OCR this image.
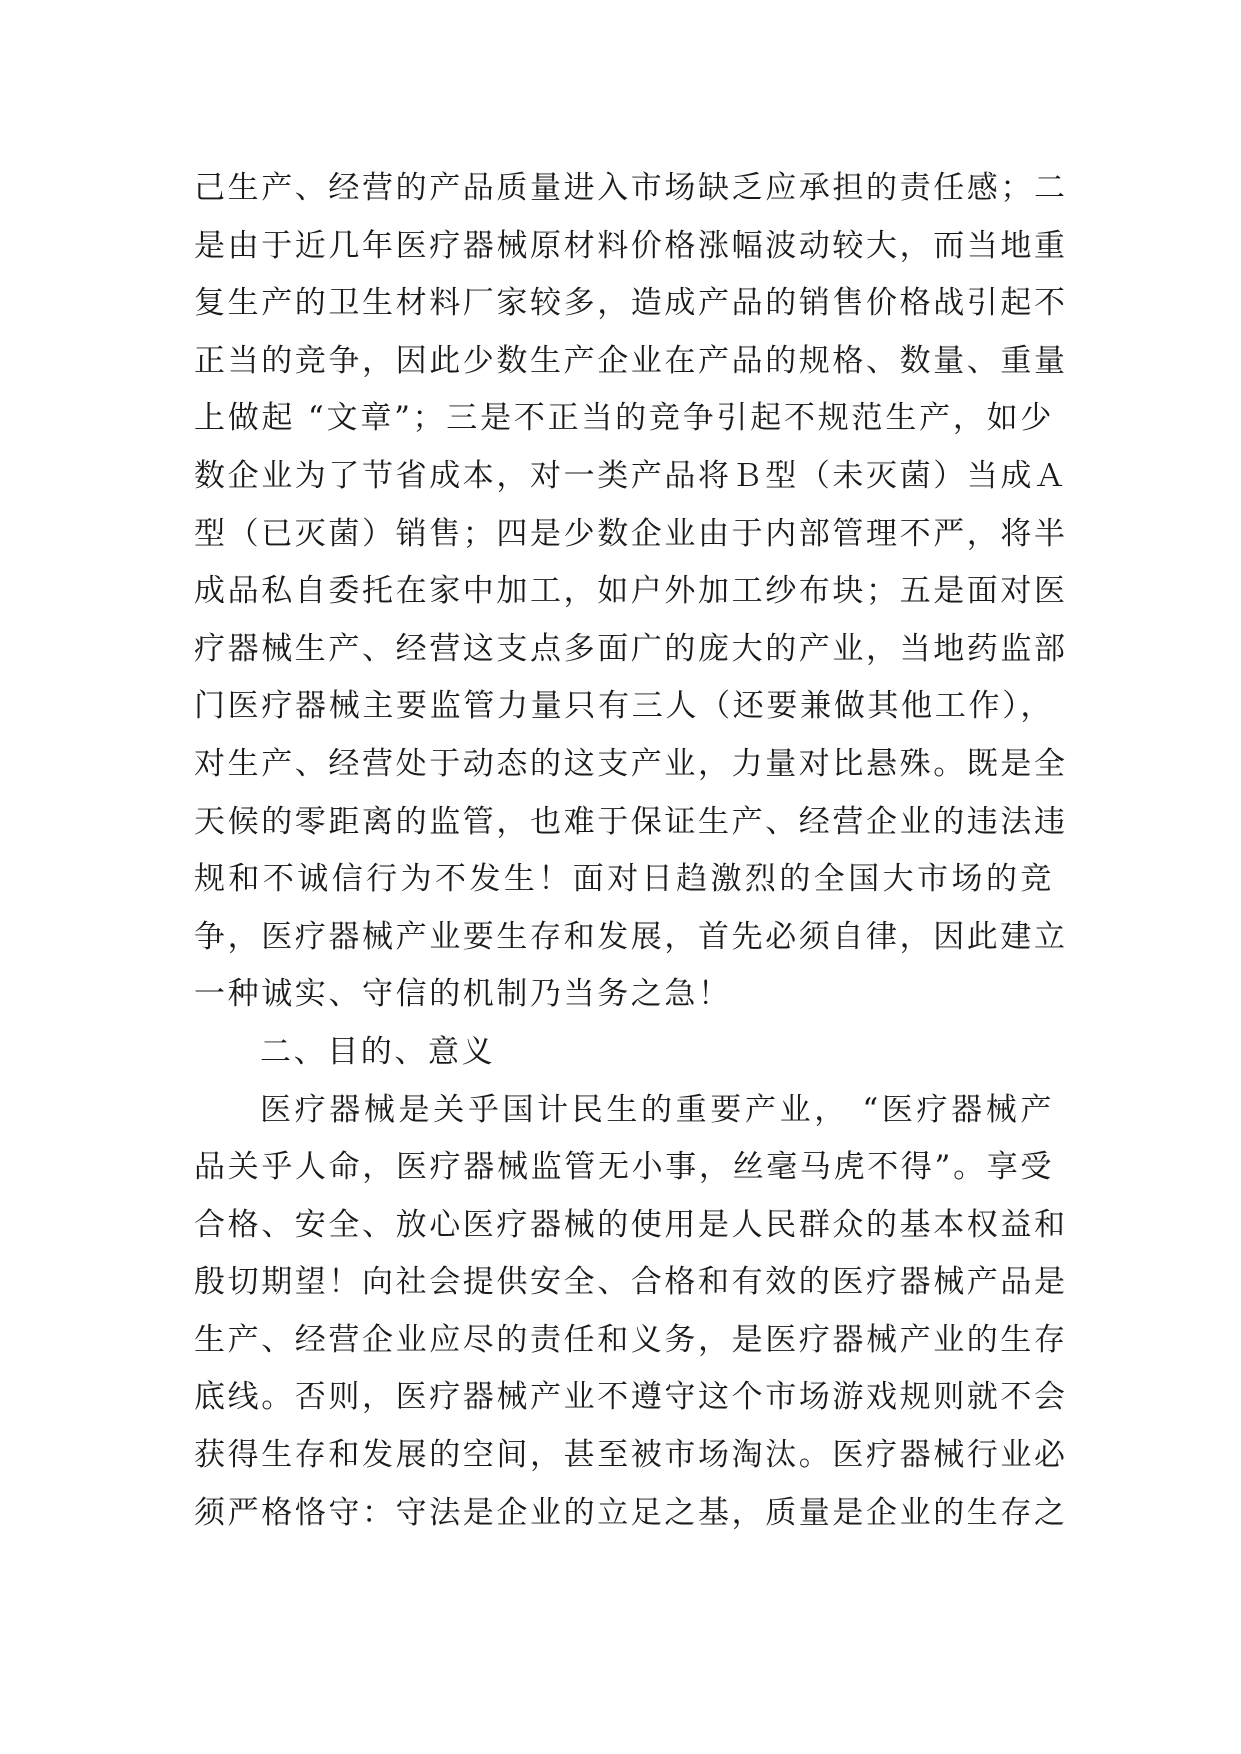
己生产、经营的产品质量进入市场缺乏应承担的责任感；二
是由于近几年医疗器械原材料价格涨幅波动较大，而当地重
复生产的卫生材料厂家较多，造成产品的销售价格战引起不
正当的竞争，因此少数生产企业在产品的规格、数量、重量
上做起 “文章”；三是不正当的竞争引起不规范生产，如少
数企业为了节省成本，对一类产品将Ｂ型（未灭菌）当成Ａ
型（已灭菌）销售；四是少数企业由于内部管理不严，将半
成品私自委托在家中加工，如户外加工纱布块；五是面对医
疗器械生产、经营这支点多面广的庞大的产业，当地药监部
门医疗器械主要监管力量只有三人（还要兼做其他工作），
对生产、经营处于动态的这支产业，力量对比悬殊。既是全
天候的零距离的监管，也难于保证生产、经营企业的违法违
规和不诚信行为不发生！面对日趋激烈的全国大市场的竞
争，医疗器械产业要生存和发展，首先必须自律，因此建立
一种诚实、守信的机制乃当务之急！
二、目的、意义
医疗器械是关乎国计民生的重要产业， “医疗器械产
品关乎人命，医疗器械监管无小事，丝毫马虎不得”。享受
合格、安全、放心医疗器械的使用是人民群众的基本权益和
殷切期望！向社会提供安全、合格和有效的医疗器械产品是
生产、经营企业应尽的责任和义务，是医疗器械产业的生存
底线。否则，医疗器械产业不遵守这个市场游戏规则就不会
获得生存和发展的空间，甚至被市场淘汰。医疗器械行业必
须严格恪守：守法是企业的立足之基，质量是企业的生存之
